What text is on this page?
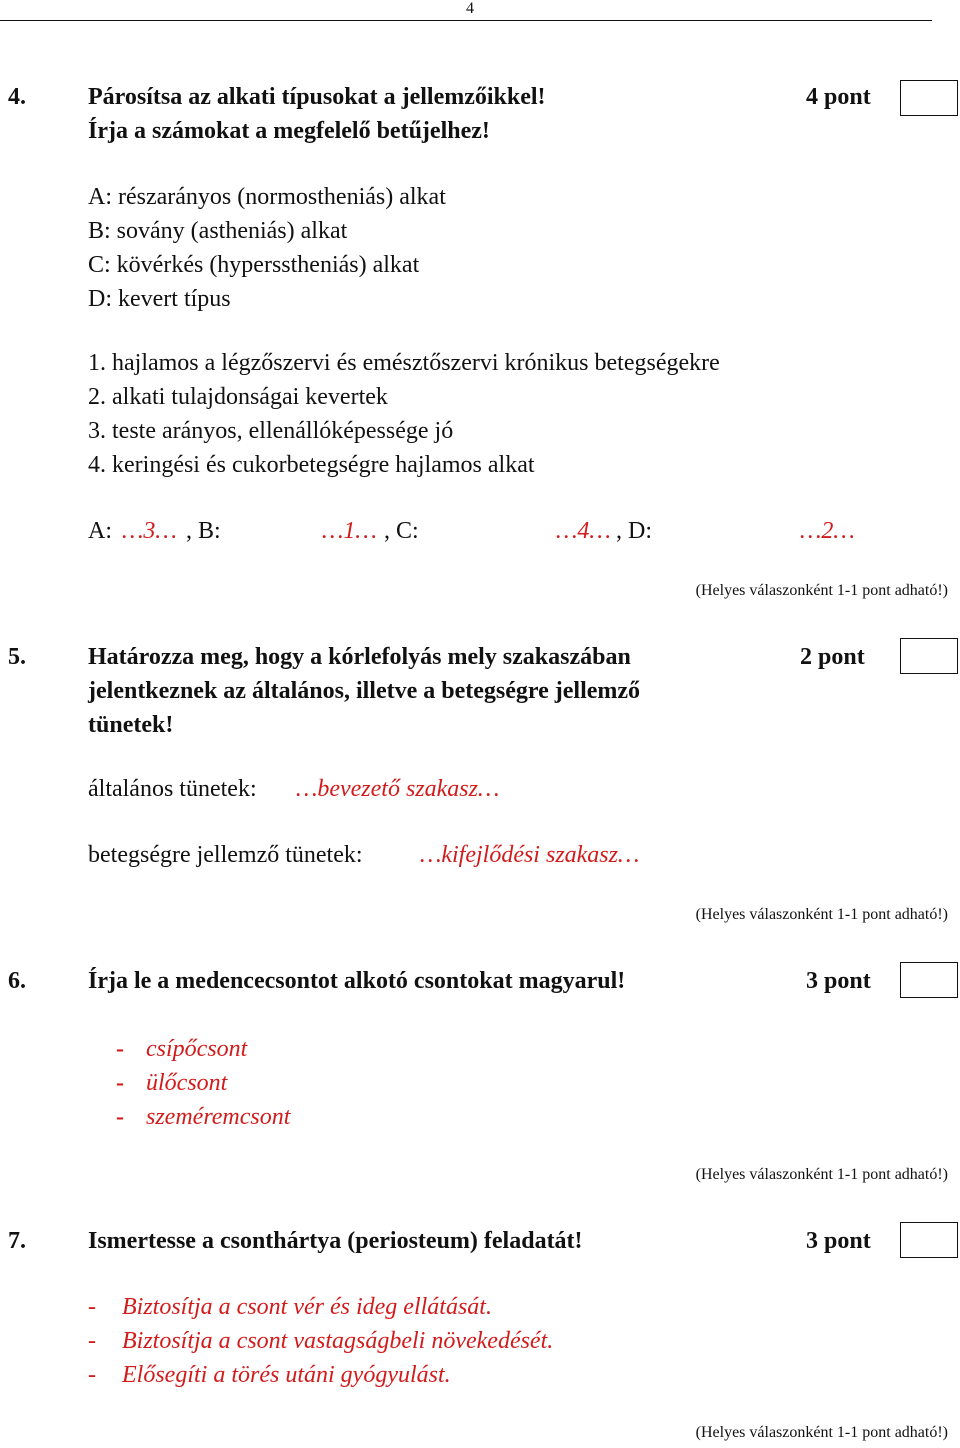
4
4.	Párosítsa az alkati típusokat a jellemzőikkel!
Írja a számokat a megfelelő betűjelhez!
4 pont
A: részarányos (normostheniás) alkat
B: sovány (astheniás) alkat
C: kövérkés (hypersstheniás) alkat
D: kevert típus
1. hajlamos a légzőszervi és emésztőszervi krónikus betegségekre
2. alkati tulajdonságai kevertek
3. teste arányos, ellenállóképessége jó
4. keringési és cukorbetegségre hajlamos alkat
A: …3… , B:	…1… , C:	…4… , D:	…2…
(Helyes válaszonként 1-1 pont adható!)
5.	Határozza meg, hogy a kórlefolyás mely szakaszában
jelentkeznek az általános, illetve a betegségre jellemző
tünetek!
2 pont
általános tünetek: …bevezető szakasz…
betegségre jellemző tünetek: …kifejlődési szakasz…
(Helyes válaszonként 1-1 pont adható!)
6.	Írja le a medencecsontot alkotó csontokat magyarul!	3 pont
- csípőcsont
- ülőcsont
- szeméremcsont
(Helyes válaszonként 1-1 pont adható!)
7.	Ismertesse a csonthártya (periosteum) feladatát!	3 pont
- Biztosítja a csont vér és ideg ellátását.
- Biztosítja a csont vastagságbeli növekedését.
- Elősegíti a törés utáni gyógyulást.
(Helyes válaszonként 1-1 pont adható!)
